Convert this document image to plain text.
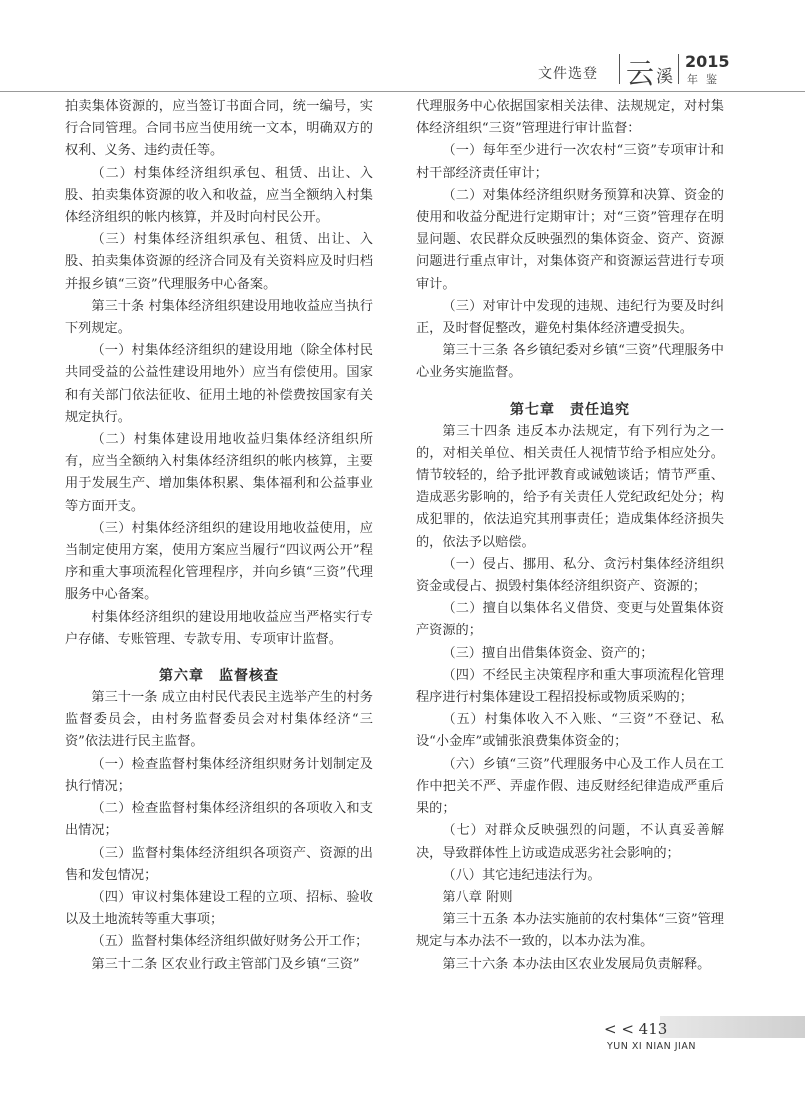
文件选登 云 溪
2015
年鉴

拍卖集体资源的，应当签订书面合同，统一编号，实行合同管理。合同书应当使用统一文本，明确双方的权利、义务、违约责任等。

（二）村集体经济组织承包、租赁、出让、入股、拍卖集体资源的收入和收益，应当全额纳入村集体经济组织的帐内核算，并及时向村民公开。

（三）村集体经济组织承包、租赁、出让、入股、拍卖集体资源的经济合同及有关资料应及时归档并报乡镇“三资”代理服务中心备案。

第三十条 村集体经济组织建设用地收益应当执行下列规定。

（一）村集体经济组织的建设用地（除全体村民共同受益的公益性建设用地外）应当有偿使用。国家和有关部门依法征收、征用土地的补偿费按国家有关规定执行。

（二）村集体建设用地收益归集体经济组织所有，应当全额纳入村集体经济组织的帐内核算，主要用于发展生产、增加集体积累、集体福利和公益事业等方面开支。

（三）村集体经济组织的建设用地收益使用，应当制定使用方案，使用方案应当履行“四议两公开”程序和重大事项流程化管理程序，并向乡镇“三资”代理服务中心备案。

村集体经济组织的建设用地收益应当严格实行专户存储、专账管理、专款专用、专项审计监督。

第六章　监督核查

第三十一条 成立由村民代表民主选举产生的村务监督委员会，由村务监督委员会对村集体经济“三资”依法进行民主监督。

（一）检查监督村集体经济组织财务计划制定及执行情况；

（二）检查监督村集体经济组织的各项收入和支出情况；

（三）监督村集体经济组织各项资产、资源的出售和发包情况；

（四）审议村集体建设工程的立项、招标、验收以及土地流转等重大事项；

（五）监督村集体经济组织做好财务公开工作；

第三十二条 区农业行政主管部门及乡镇“三资”

代理服务中心依据国家相关法律、法规规定，对村集体经济组织“三资”管理进行审计监督：

（一）每年至少进行一次农村“三资”专项审计和村干部经济责任审计；

（二）对集体经济组织财务预算和决算、资金的使用和收益分配进行定期审计；对“三资”管理存在明显问题、农民群众反映强烈的集体资金、资产、资源问题进行重点审计，对集体资产和资源运营进行专项审计。

（三）对审计中发现的违规、违纪行为要及时纠正，及时督促整改，避免村集体经济遭受损失。

第三十三条 各乡镇纪委对乡镇“三资”代理服务中心业务实施监督。

第七章　责任追究

第三十四条 违反本办法规定，有下列行为之一的，对相关单位、相关责任人视情节给予相应处分。情节较轻的，给予批评教育或诫勉谈话；情节严重、造成恶劣影响的，给予有关责任人党纪政纪处分；构成犯罪的，依法追究其刑事责任；造成集体经济损失的，依法予以赔偿。

（一）侵占、挪用、私分、贪污村集体经济组织资金或侵占、损毁村集体经济组织资产、资源的；

（二）擅自以集体名义借贷、变更与处置集体资产资源的；

（三）擅自出借集体资金、资产的；

（四）不经民主决策程序和重大事项流程化管理程序进行村集体建设工程招投标或物质采购的；

（五）村集体收入不入账、“三资”不登记、私设“小金库”或铺张浪费集体资金的；

（六）乡镇“三资”代理服务中心及工作人员在工作中把关不严、弄虚作假、违反财经纪律造成严重后果的；

（七）对群众反映强烈的问题，不认真妥善解决，导致群体性上访或造成恶劣社会影响的；

（八）其它违纪违法行为。

第八章 附则

第三十五条 本办法实施前的农村集体“三资”管理规定与本办法不一致的，以本办法为准。

第三十六条 本办法由区农业发展局负责解释。

< < 413
YUN XI NIAN JIAN
